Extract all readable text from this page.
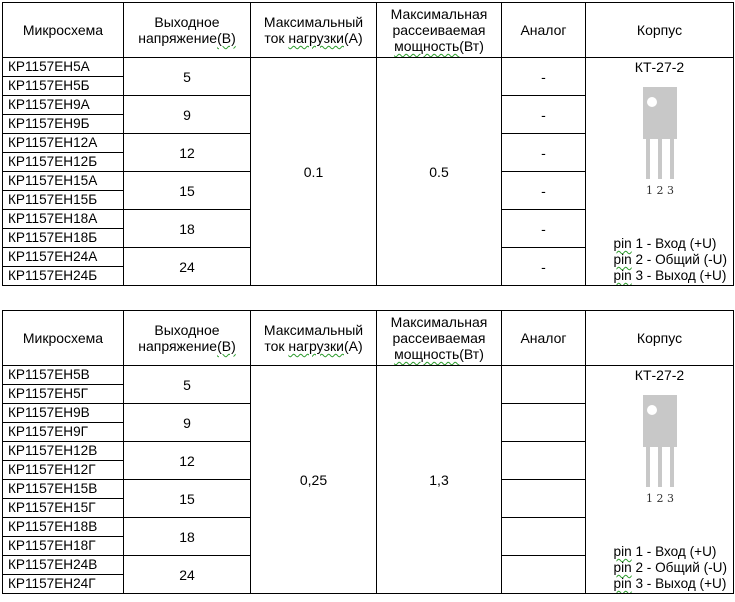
Микросхема	Выходное
напряжение(В)	Максимальный
ток нагрузки(А)	Максимальная
рассеиваемая
мощность(Вт)	Аналог	Корпус
КР1157ЕН5А	5	0.1	0.5	-	КТ-27-2
1 2 3
pin 1 - Вход (+U)
pin 2 - Общий (-U)
pin 3 - Выход (+U)

КР1157ЕН5Б					
КР1157ЕН9А	9			-	
КР1157ЕН9Б					
КР1157ЕН12А	12			-	
КР1157ЕН12Б					
КР1157ЕН15А	15			-	
КР1157ЕН15Б					
КР1157ЕН18А	18			-	
КР1157ЕН18Б					
КР1157ЕН24А	24			-	
КР1157ЕН24Б					
Микросхема	Выходное
напряжение(В)	Максимальный
ток нагрузки(А)	Максимальная
рассеиваемая
мощность(Вт)	Аналог	Корпус
КР1157ЕН5В	5	0,25	1,3		КТ-27-2
1 2 3
pin 1 - Вход (+U)
pin 2 - Общий (-U)
pin 3 - Выход (+U)

КР1157ЕН5Г					
КР1157ЕН9В	9				
КР1157ЕН9Г					
КР1157ЕН12В	12				
КР1157ЕН12Г					
КР1157ЕН15В	15				
КР1157ЕН15Г					
КР1157ЕН18В	18				
КР1157ЕН18Г					
КР1157ЕН24В	24				
КР1157ЕН24Г					
